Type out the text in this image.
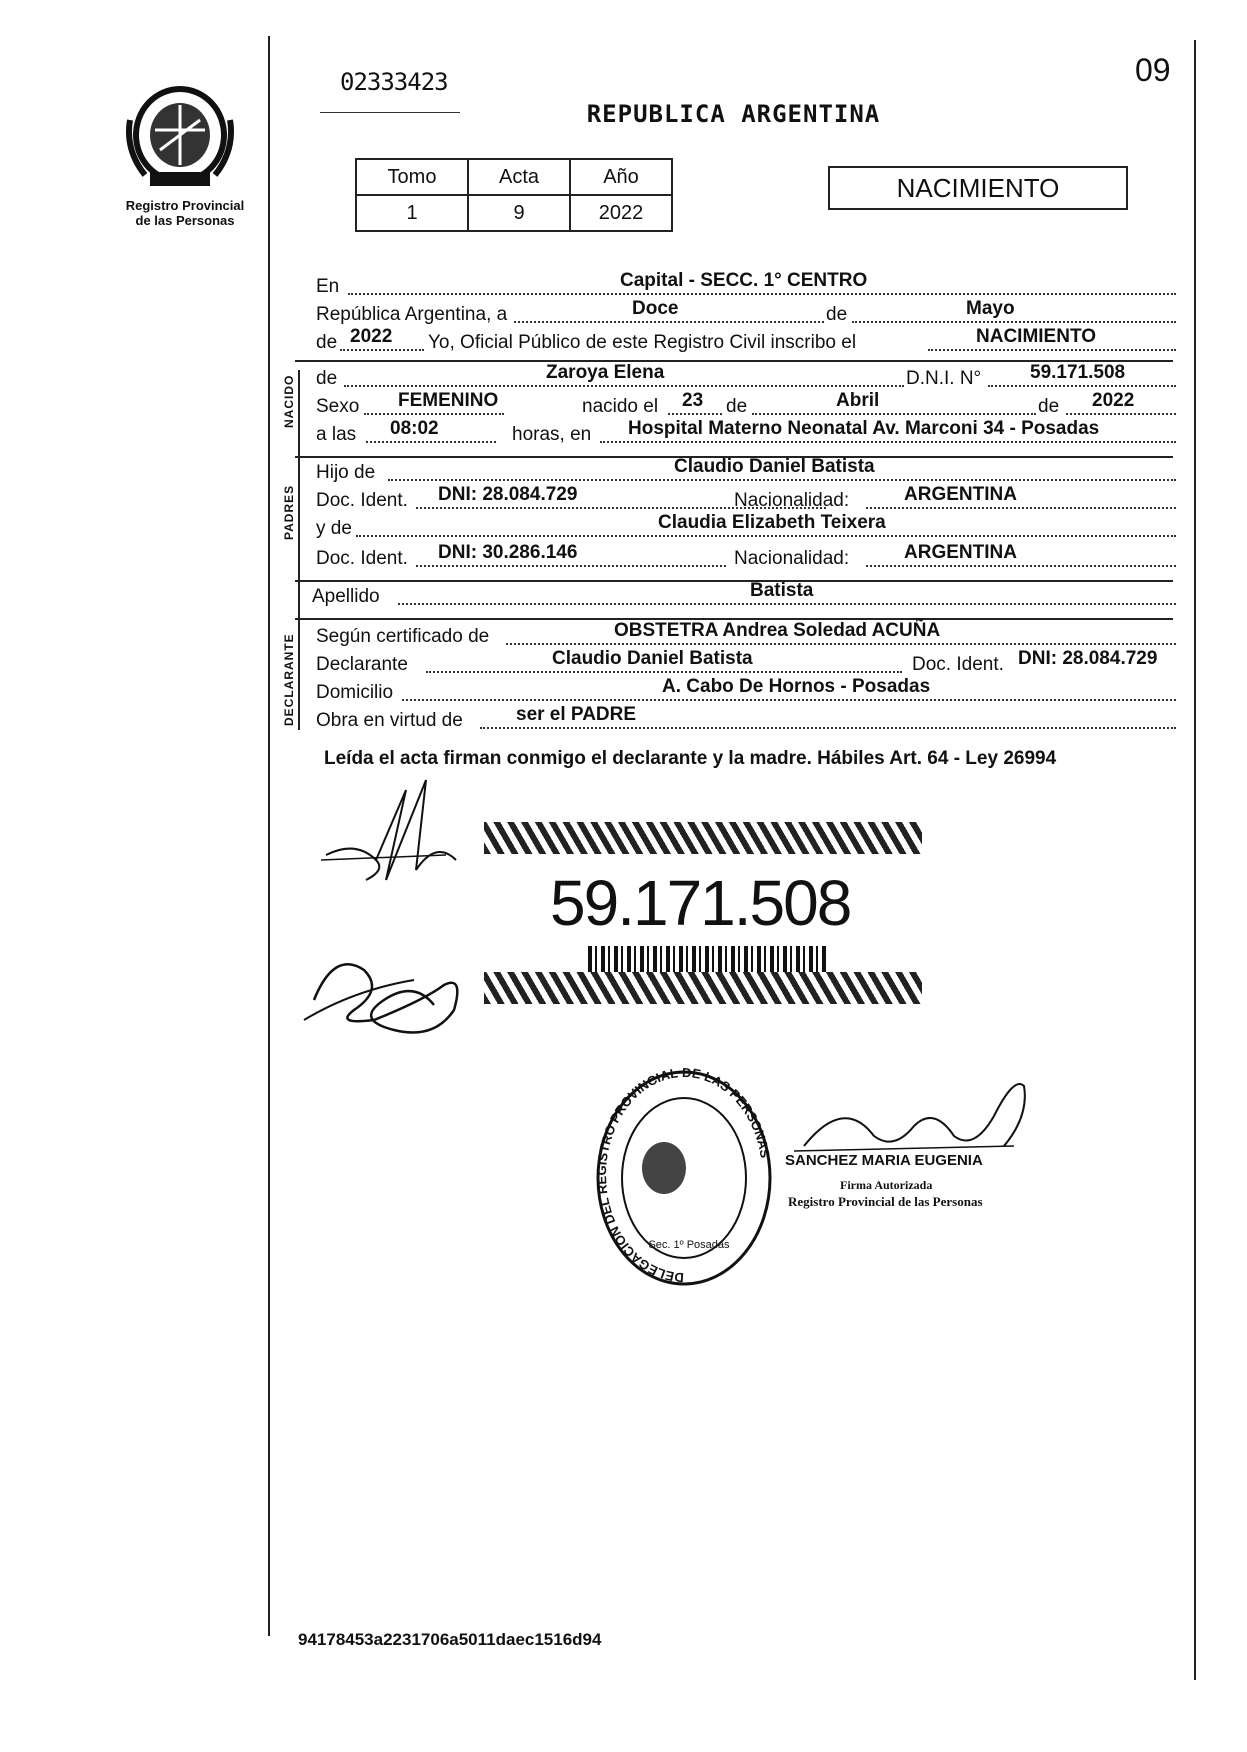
Registro Provincial
de las Personas
02333423	09
REPUBLICA ARGENTINA
Tomo	Acta	Año
1	9	2022
NACIMIENTO
En	Capital - SECC. 1° CENTRO
República Argentina, a	Doce	de	Mayo
de 2022 Yo, Oficial Público de este Registro Civil inscribo el	NACIMIENTO
NACIDO de	Zaroya Elena	D.N.I. N°	59.171.508
Sexo FEMENINO	nacido el 23 de	Abril	de 2022
a las 08:02	horas, en Hospital Materno Neonatal Av. Marconi 34 - Posadas
PADRES
Hijo de	Claudio Daniel Batista
Doc. Ident. DNI: 28.084.729	Nacionalidad:	ARGENTINA
y de	Claudia Elizabeth Teixera
Doc. Ident. DNI: 30.286.146	Nacionalidad:	ARGENTINA
Apellido	Batista
DECLARANTE Según certificado de	OBSTETRA Andrea Soledad ACUÑA
Declarante	Claudio Daniel Batista	Doc. Ident. DNI: 28.084.729
Domicilio	A. Cabo De Hornos - Posadas
Obra en virtud de	ser el PADRE
Leída el acta firman conmigo el declarante y la madre. Hábiles Art. 64 - Ley 26994
59.171.508
DELEGACION DEL REGISTRO PROVINCIAL DE LAS PERSONAS
Sec. 1º Posadas
SANCHEZ MARIA EUGENIA
Firma Autorizada
Registro Provincial de las Personas
94178453a2231706a5011daec1516d94
